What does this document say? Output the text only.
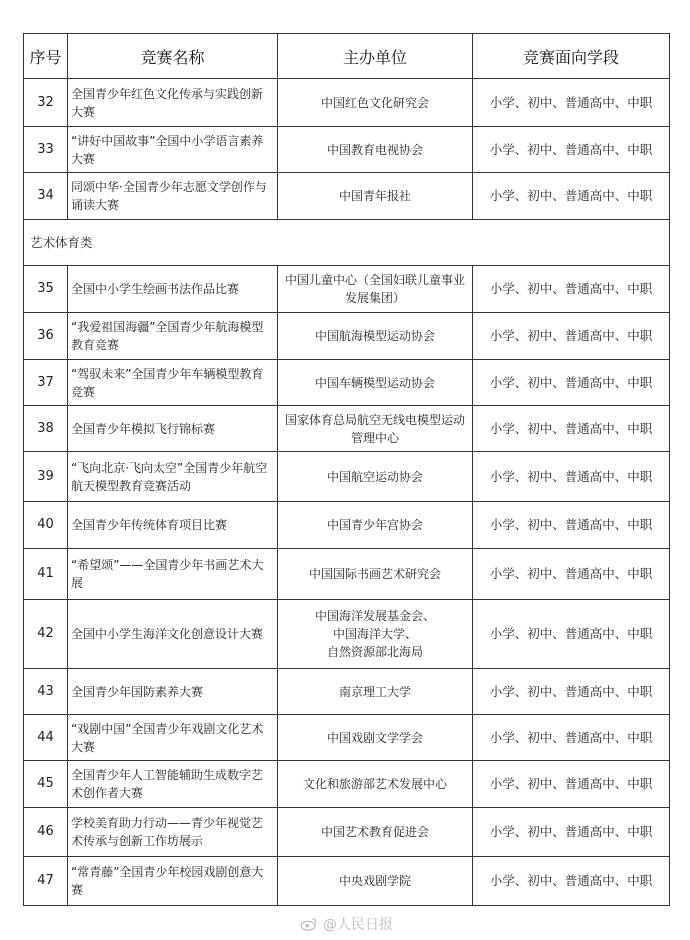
序号	竞赛名称	主办单位	竞赛面向学段
32	全国青少年红色文化传承与实践创新大赛	中国红色文化研究会	小学、初中、普通高中、中职
33	“讲好中国故事”全国中小学语言素养大赛	中国教育电视协会	小学、初中、普通高中、中职
34	同颂中华·全国青少年志愿文学创作与诵读大赛	中国青年报社	小学、初中、普通高中、中职
艺术体育类			
35	全国中小学生绘画书法作品比赛	中国儿童中心（全国妇联儿童事业发展集团）	小学、初中、普通高中、中职
36	“我爱祖国海疆”全国青少年航海模型教育竞赛	中国航海模型运动协会	小学、初中、普通高中、中职
37	“驾驭未来”全国青少年车辆模型教育竞赛	中国车辆模型运动协会	小学、初中、普通高中、中职
38	全国青少年模拟飞行锦标赛	国家体育总局航空无线电模型运动管理中心	小学、初中、普通高中、中职
39	“飞向北京·飞向太空”全国青少年航空航天模型教育竞赛活动	中国航空运动协会	小学、初中、普通高中、中职
40	全国青少年传统体育项目比赛	中国青少年宫协会	小学、初中、普通高中、中职
41	“希望颂”——全国青少年书画艺术大展	中国国际书画艺术研究会	小学、初中、普通高中、中职
42	全国中小学生海洋文化创意设计大赛	中国海洋发展基金会、
中国海洋大学、
自然资源部北海局	小学、初中、普通高中、中职
43	全国青少年国防素养大赛	南京理工大学	小学、初中、普通高中、中职
44	“戏剧中国”全国青少年戏剧文化艺术大赛	中国戏剧文学学会	小学、初中、普通高中、中职
45	全国青少年人工智能辅助生成数字艺术创作者大赛	文化和旅游部艺术发展中心	小学、初中、普通高中、中职
46	学校美育助力行动——青少年视觉艺术传承与创新工作坊展示	中国艺术教育促进会	小学、初中、普通高中、中职
47	“常青藤”全国青少年校园戏剧创意大赛	中央戏剧学院	小学、初中、普通高中、中职
@人民日报
